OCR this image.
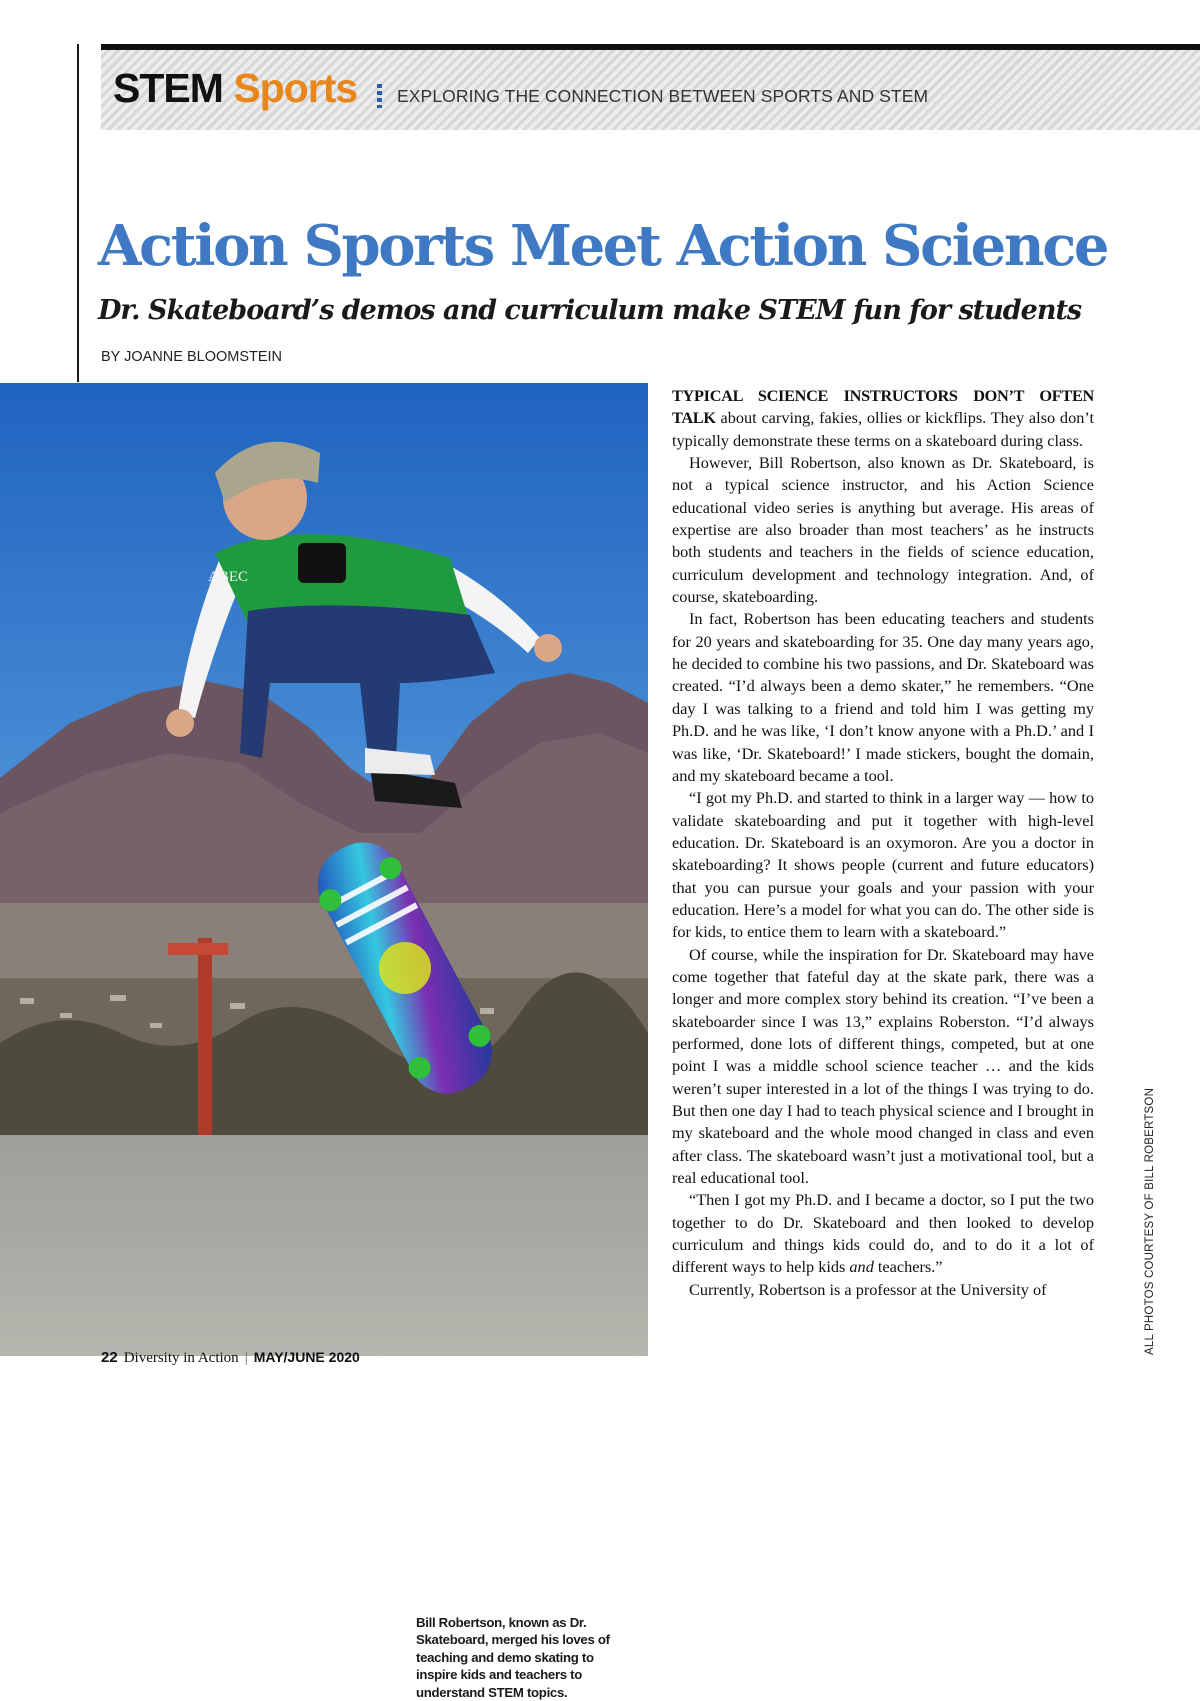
STEM Sports EXPLORING THE CONNECTION BETWEEN SPORTS AND STEM
Action Sports Meet Action Science
Dr. Skateboard’s demos and curriculum make STEM fun for students
BY JOANNE BLOOMSTEIN
ABEC
Bill Robertson, known as Dr. Skateboard, merged his loves of teaching and demo skating to inspire kids and teachers to understand STEM topics.

TYPICAL SCIENCE INSTRUCTORS DON’T OFTEN TALK about carving, fakies, ollies or kickflips. They also don’t typically demonstrate these terms on a skateboard during class.

However, Bill Robertson, also known as Dr. Skateboard, is not a typical science instructor, and his Action Science educational video series is anything but average. His areas of expertise are also broader than most teachers’ as he instructs both students and teachers in the fields of science education, curriculum development and technology integration. And, of course, skateboarding.

In fact, Robertson has been educating teachers and students for 20 years and skateboarding for 35. One day many years ago, he decided to combine his two passions, and Dr. Skateboard was created. “I’d always been a demo skater,” he remembers. “One day I was talking to a friend and told him I was getting my Ph.D. and he was like, ‘I don’t know anyone with a Ph.D.’ and I was like, ‘Dr. Skateboard!’ I made stickers, bought the domain, and my skateboard became a tool.

“I got my Ph.D. and started to think in a larger way — how to validate skateboarding and put it together with high-level education. Dr. Skateboard is an oxymoron. Are you a doctor in skateboarding? It shows people (current and future educators) that you can pursue your goals and your passion with your education. Here’s a model for what you can do. The other side is for kids, to entice them to learn with a skateboard.”

Of course, while the inspiration for Dr. Skateboard may have come together that fateful day at the skate park, there was a longer and more complex story behind its creation. “I’ve been a skateboarder since I was 13,” explains Roberston. “I’d always performed, done lots of different things, competed, but at one point I was a middle school science teacher … and the kids weren’t super interested in a lot of the things I was trying to do. But then one day I had to teach physical science and I brought in my skateboard and the whole mood changed in class and even after class. The skateboard wasn’t just a motivational tool, but a real educational tool.

“Then I got my Ph.D. and I became a doctor, so I put the two together to do Dr. Skateboard and then looked to develop curriculum and things kids could do, and to do it a lot of different ways to help kids and teachers.”

Currently, Robertson is a professor at the University of	ALL PHOTOS COURTESY OF BILL ROBERTSON
22 Diversity in Action | MAY/JUNE 2020
